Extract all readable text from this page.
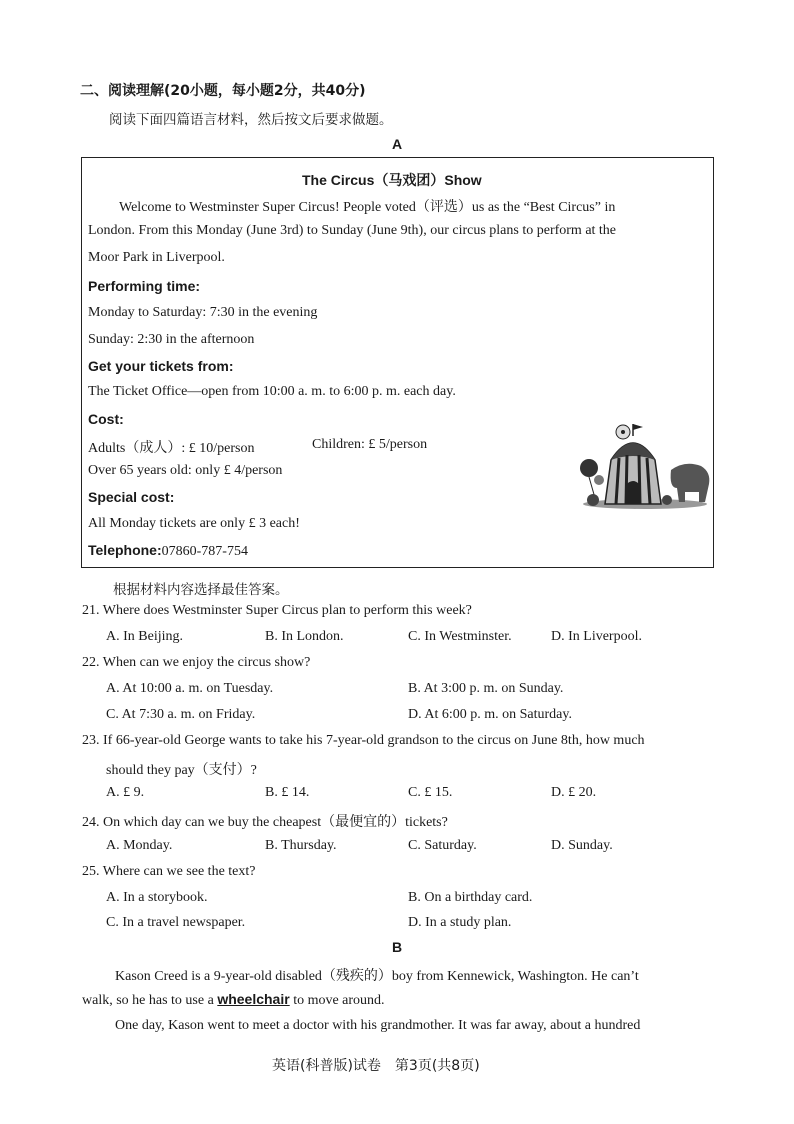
二、阅读理解(20小题，每小题2分，共40分)
阅读下面四篇语言材料，然后按文后要求做题。
A
The Circus（马戏团）Show
Welcome to Westminster Super Circus! People voted（评选）us as the “Best Circus” in
London. From this Monday (June 3rd) to Sunday (June 9th), our circus plans to perform at the
Moor Park in Liverpool.
Performing time:
Monday to Saturday: 7:30 in the evening
Sunday: 2:30 in the afternoon
Get your tickets from:
The Ticket Office—open from 10:00 a. m. to 6:00 p. m. each day.
Cost:
Adults（成人）: £ 10/person	Children: £ 5/person
Over 65 years old: only £ 4/person
Special cost:
All Monday tickets are only £ 3 each!
Telephone:07860-787-754
根据材料内容选择最佳答案。
21. Where does Westminster Super Circus plan to perform this week?
A. In Beijing.	B. In London.	C. In Westminster.	D. In Liverpool.
22. When can we enjoy the circus show?
A. At 10:00 a. m. on Tuesday.	B. At 3:00 p. m. on Sunday.
C. At 7:30 a. m. on Friday.	D. At 6:00 p. m. on Saturday.
23. If 66-year-old George wants to take his 7-year-old grandson to the circus on June 8th, how much
should they pay（支付）?
A. £ 9.	B. £ 14.	C. £ 15.	D. £ 20.
24. On which day can we buy the cheapest（最便宜的）tickets?
A. Monday.	B. Thursday.	C. Saturday.	D. Sunday.
25. Where can we see the text?
A. In a storybook.	B. On a birthday card.
C. In a travel newspaper.	D. In a study plan.
B
Kason Creed is a 9-year-old disabled（残疾的）boy from Kennewick, Washington. He can’t
walk, so he has to use a wheelchair to move around.
One day, Kason went to meet a doctor with his grandmother. It was far away, about a hundred
英语(科普版)试卷　第3页(共8页)
